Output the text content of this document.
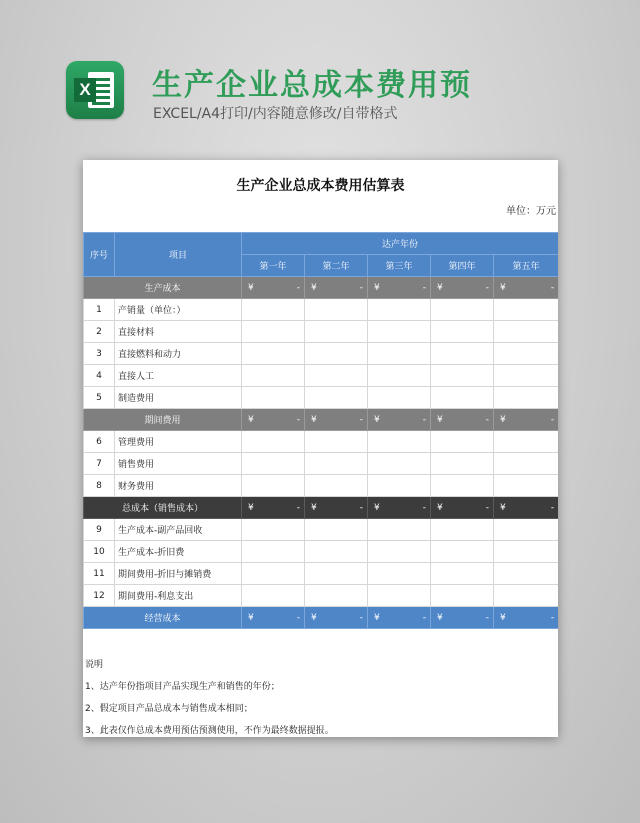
X 生产企业总成本费用预
EXCEL/A4打印/内容随意修改/自带格式
生产企业总成本费用估算表
单位：万元
序号	项目	达产年份				
		第一年	第二年	第三年	第四年	第五年
生产成本		¥ -	¥ -	¥ -	¥ -	¥ -

1	产销量（单位：）					
2	直接材料					
3	直接燃料和动力					
4	直接人工					
5	制造费用					
期间费用		¥ -	¥ -	¥ -	¥ -	¥ -

6	管理费用					
7	销售费用					
8	财务费用					
总成本（销售成本）		¥ -	¥ -	¥ -	¥ -	¥ -

9	生产成本-副产品回收					
10	生产成本-折旧费					
11	期间费用-折旧与摊销费					
12	期间费用-利息支出					
经营成本		¥ -	¥ -	¥ -	¥ -	¥ -
说明
1、达产年份指项目产品实现生产和销售的年份；
2、假定项目产品总成本与销售成本相同；
3、此表仅作总成本费用预估预测使用，不作为最终数据提报。
